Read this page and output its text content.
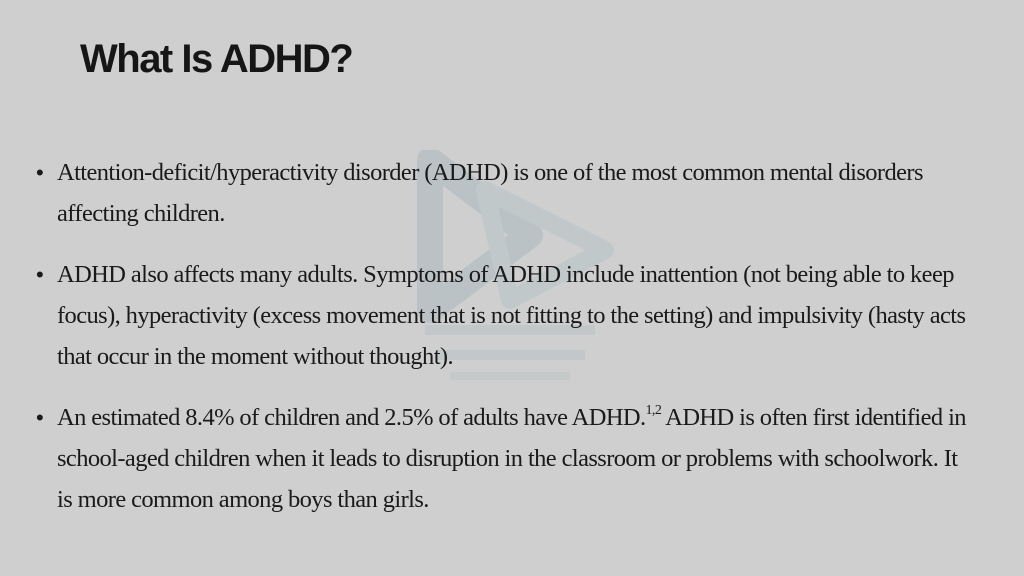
What Is ADHD?
• Attention-deficit/hyperactivity disorder (ADHD) is one of the most common mental disorders affecting children.
• ADHD also affects many adults. Symptoms of ADHD include inattention (not being able to keep focus), hyperactivity (excess movement that is not fitting to the setting) and impulsivity (hasty acts that occur in the moment without thought).
• An estimated 8.4% of children and 2.5% of adults have ADHD.$^{1,2}$ ADHD is often first identified in school-aged children when it leads to disruption in the classroom or problems with schoolwork. It is more common among boys than girls.
